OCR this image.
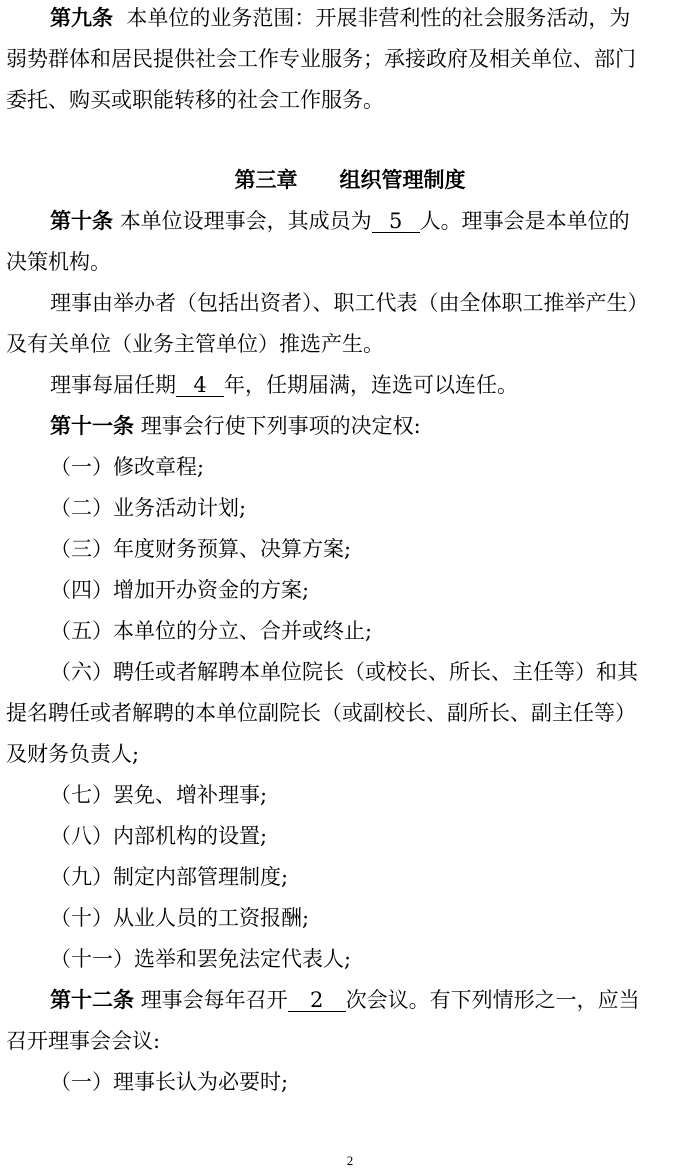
第九条 本单位的业务范围：开展非营利性的社会服务活动，为
弱势群体和居民提供社会工作专业服务；承接政府及相关单位、部门
委托、购买或职能转移的社会工作服务。
第三章 组织管理制度
第十条 本单位设理事会，其成员为 5 人。理事会是本单位的
决策机构。
理事由举办者（包括出资者）、职工代表（由全体职工推举产生）
及有关单位（业务主管单位）推选产生。
理事每届任期 4 年，任期届满，连选可以连任。
第十一条 理事会行使下列事项的决定权:
（一）修改章程;
（二）业务活动计划;
（三）年度财务预算、决算方案;
（四）增加开办资金的方案;
（五）本单位的分立、合并或终止;
（六）聘任或者解聘本单位院长（或校长、所长、主任等）和其
提名聘任或者解聘的本单位副院长（或副校长、副所长、副主任等）
及财务负责人;
（七）罢免、增补理事;
（八）内部机构的设置;
（九）制定内部管理制度;
（十）从业人员的工资报酬;
（十一）选举和罢免法定代表人;
第十二条 理事会每年召开 2 次会议。有下列情形之一，应当
召开理事会会议:
（一）理事长认为必要时;
2
